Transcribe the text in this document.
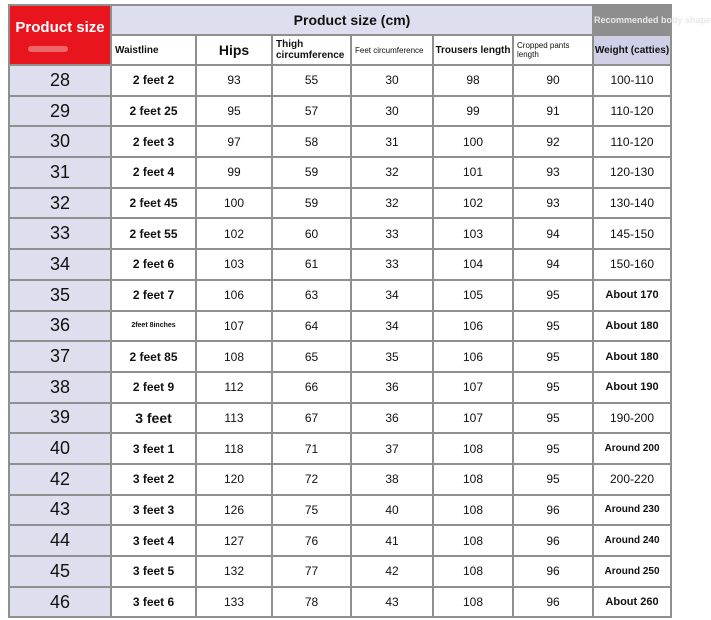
Product size	Product size (cm)						Recommended body shape
	Waistline	Hips	Thigh circumference	Feet circumference	Trousers length	Cropped pants length	Weight (catties)
28	2 feet 2	93	55	30	98	90	100-110
29	2 feet 25	95	57	30	99	91	110-120
30	2 feet 3	97	58	31	100	92	110-120
31	2 feet 4	99	59	32	101	93	120-130
32	2 feet 45	100	59	32	102	93	130-140
33	2 feet 55	102	60	33	103	94	145-150
34	2 feet 6	103	61	33	104	94	150-160
35	2 feet 7	106	63	34	105	95	About 170
36	2feet 8inches	107	64	34	106	95	About 180
37	2 feet 85	108	65	35	106	95	About 180
38	2 feet 9	112	66	36	107	95	About 190
39	3 feet	113	67	36	107	95	190-200
40	3 feet 1	118	71	37	108	95	Around 200
42	3 feet 2	120	72	38	108	95	200-220
43	3 feet 3	126	75	40	108	96	Around 230
44	3 feet 4	127	76	41	108	96	Around 240
45	3 feet 5	132	77	42	108	96	Around 250
46	3 feet 6	133	78	43	108	96	About 260
